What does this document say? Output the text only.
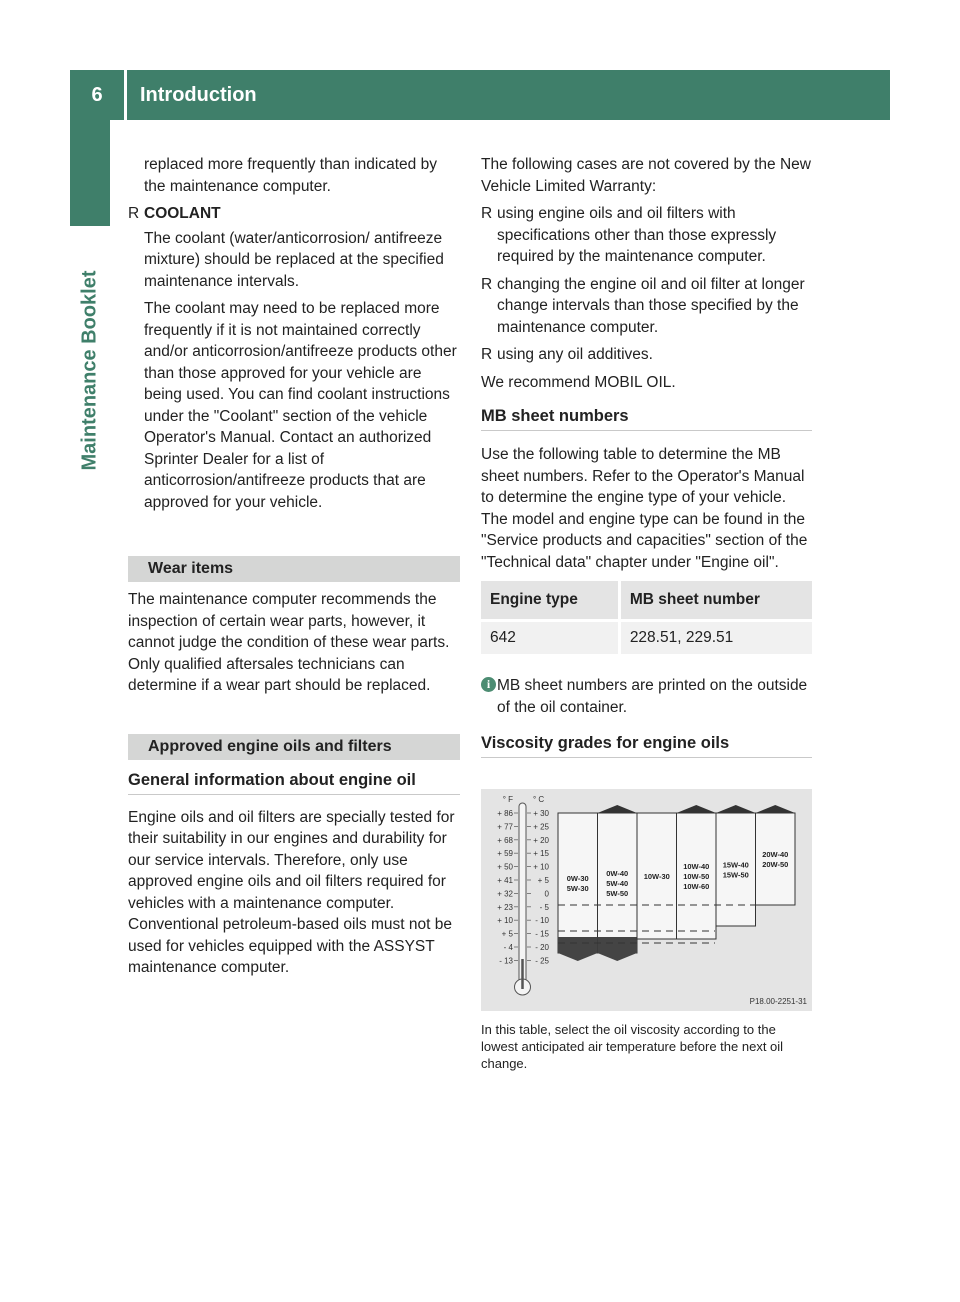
6	Introduction
Maintenance Booklet

replaced more frequently than indicated by the maintenance computer.

R COOLANT

The coolant (water/anticorrosion/ antifreeze mixture) should be replaced at the specified maintenance intervals.

The coolant may need to be replaced more frequently if it is not maintained correctly and/or anticorrosion/antifreeze products other than those approved for your vehicle are being used. You can find coolant instructions under the "Coolant" section of the vehicle Operator's Manual. Contact an authorized Sprinter Dealer for a list of anticorrosion/antifreeze products that are approved for your vehicle.

Wear items

The maintenance computer recommends the inspection of certain wear parts, however, it cannot judge the condition of these wear parts. Only qualified aftersales technicians can determine if a wear part should be replaced.

Approved engine oils and filters
General information about engine oil

Engine oils and oil filters are specially tested for their suitability in our engines and durability for our service intervals. Therefore, only use approved engine oils and oil filters required for vehicles with a maintenance computer. Conventional petroleum-based oils must not be used for vehicles equipped with the ASSYST maintenance computer.

The following cases are not covered by the New Vehicle Limited Warranty:

R using engine oils and oil filters with specifications other than those expressly required by the maintenance computer.
R changing the engine oil and oil filter at longer change intervals than those specified by the maintenance computer.
R using any oil additives.

We recommend MOBIL OIL.

MB sheet numbers

Use the following table to determine the MB sheet numbers. Refer to the Operator's Manual to determine the engine type of your vehicle. The model and engine type can be found in the "Service products and capacities" section of the "Technical data" chapter under "Engine oil".

Engine type	MB sheet number
642	228.51, 229.51
i MB sheet numbers are printed on the outside of the oil container.
Viscosity grades for engine oils
° F	° C
+ 86	+ 30
+ 77	+ 25
+ 68	+ 20
+ 59	+ 15
+ 50	+ 10
+ 41	+ 5
+ 32	0
+ 23	- 5
+ 10	- 10
+ 5	- 15
- 4	- 20
- 13	- 25
0W-30
5W-30
0W-40
5W-40
5W-50
10W-30
10W-40
10W-50
10W-60
15W-40
15W-50
20W-40
20W-50
P18.00-2251-31
In this table, select the oil viscosity according to the lowest anticipated air temperature before the next oil change.
